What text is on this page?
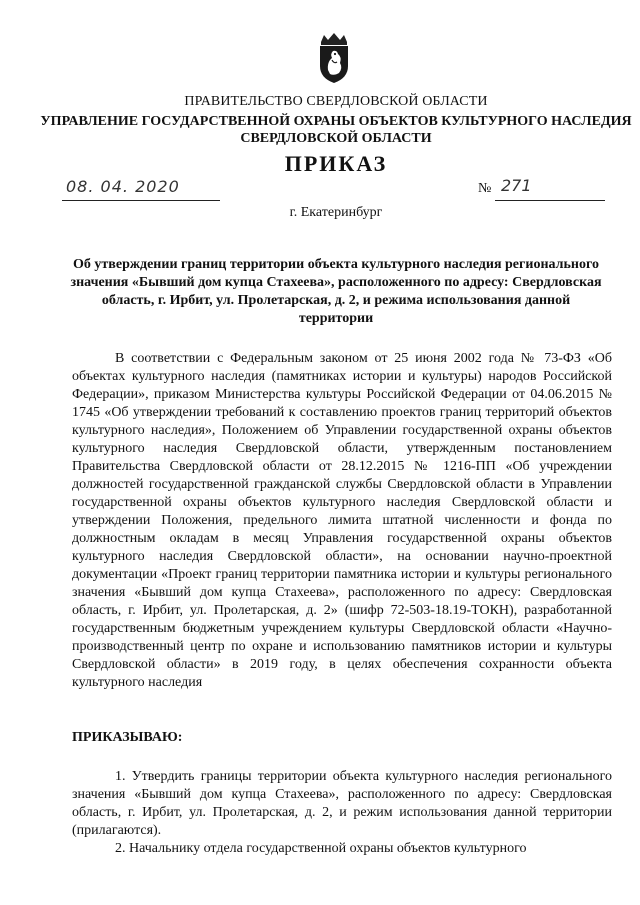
ПРАВИТЕЛЬСТВО СВЕРДЛОВСКОЙ ОБЛАСТИ
УПРАВЛЕНИЕ ГОСУДАРСТВЕННОЙ ОХРАНЫ ОБЪЕКТОВ КУЛЬТУРНОГО НАСЛЕДИЯ
СВЕРДЛОВСКОЙ ОБЛАСТИ
ПРИКАЗ
08. 04. 2020	№ 271
г. Екатеринбург
Об утверждении границ территории объекта культурного наследия регионального значения «Бывший дом купца Стахеева», расположенного по адресу: Свердловская область, г. Ирбит, ул. Пролетарская, д. 2, и режима использования данной территории

В соответствии с Федеральным законом от 25 июня 2002 года № 73-ФЗ «Об объектах культурного наследия (памятниках истории и культуры) народов Российской Федерации», приказом Министерства культуры Российской Федерации от 04.06.2015 № 1745 «Об утверждении требований к составлению проектов границ территорий объектов культурного наследия», Положением об Управлении государственной охраны объектов культурного наследия Свердловской области, утвержденным постановлением Правительства Свердловской области от 28.12.2015 № 1216-ПП «Об учреждении должностей государственной гражданской службы Свердловской области в Управлении государственной охраны объектов культурного наследия Свердловской области и утверждении Положения, предельного лимита штатной численности и фонда по должностным окладам в месяц Управления государственной охраны объектов культурного наследия Свердловской области», на основании научно-проектной документации «Проект границ территории памятника истории и культуры регионального значения «Бывший дом купца Стахеева», расположенного по адресу: Свердловская область, г. Ирбит, ул. Пролетарская, д. 2» (шифр 72-503-18.19-ТОКН), разработанной государственным бюджетным учреждением культуры Свердловской области «Научно-производственный центр по охране и использованию памятников истории и культуры Свердловской области» в 2019 году, в целях обеспечения сохранности объекта культурного наследия

ПРИКАЗЫВАЮ:

1. Утвердить границы территории объекта культурного наследия регионального значения «Бывший дом купца Стахеева», расположенного по адресу: Свердловская область, г. Ирбит, ул. Пролетарская, д. 2, и режим использования данной территории (прилагаются).

2. Начальнику отдела государственной охраны объектов культурного
